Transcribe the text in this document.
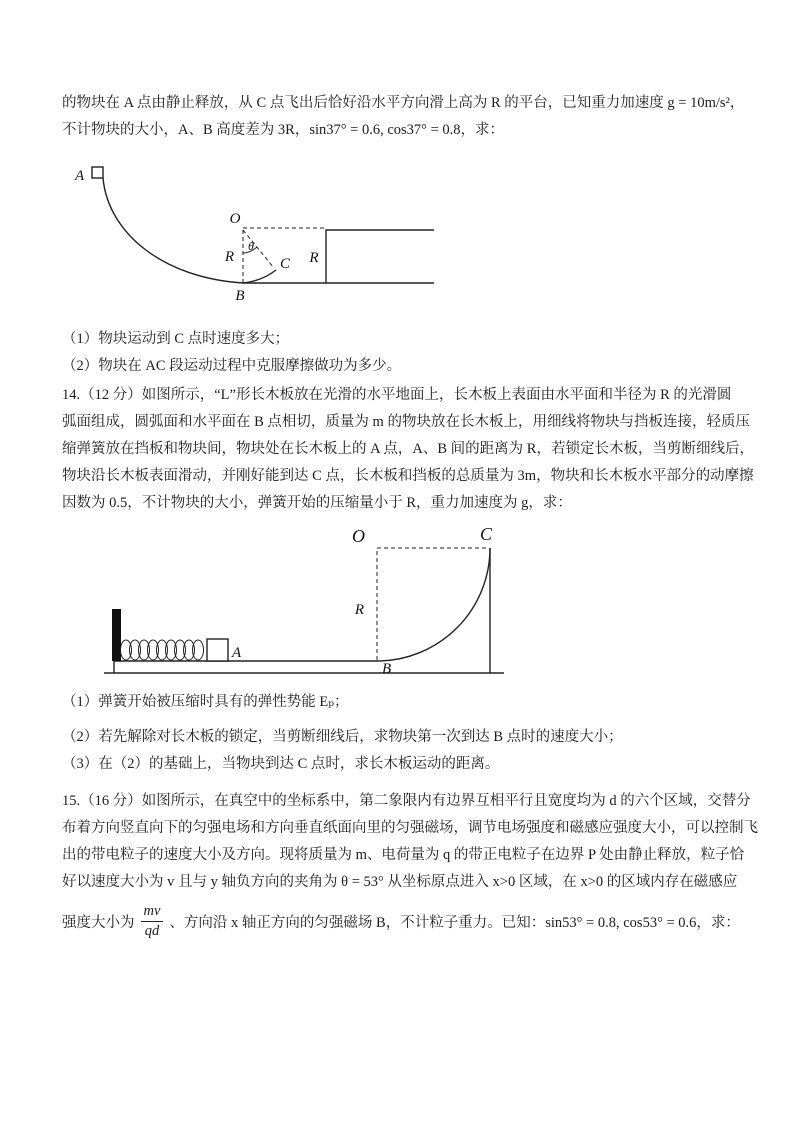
的物块在 A 点由静止释放，从 C 点飞出后恰好沿水平方向滑上高为 R 的平台，已知重力加速度 g = 10m/s²，
不计物块的大小，A、B 高度差为 3R，sin37° = 0.6, cos37° = 0.8，求：
A
O
θ
R	C R
B
（1）物块运动到 C 点时速度多大；
（2）物块在 AC 段运动过程中克服摩擦做功为多少。
14.（12 分）如图所示，“L”形长木板放在光滑的水平地面上，长木板上表面由水平面和半径为 R 的光滑圆
弧面组成，圆弧面和水平面在 B 点相切，质量为 m 的物块放在长木板上，用细线将物块与挡板连接，轻质压
缩弹簧放在挡板和物块间，物块处在长木板上的 A 点，A、B 间的距离为 R，若锁定长木板，当剪断细线后，
物块沿长木板表面滑动，并刚好能到达 C 点，长木板和挡板的总质量为 3m，物块和长木板水平部分的动摩擦
因数为 0.5，不计物块的大小，弹簧开始的压缩量小于 R，重力加速度为 g，求：
O	C
R
A
B
（1）弹簧开始被压缩时具有的弹性势能 Eₚ；
（2）若先解除对长木板的锁定，当剪断细线后，求物块第一次到达 B 点时的速度大小；
（3）在（2）的基础上，当物块到达 C 点时，求长木板运动的距离。
15.（16 分）如图所示，在真空中的坐标系中，第二象限内有边界互相平行且宽度均为 d 的六个区域，交替分
布着方向竖直向下的匀强电场和方向垂直纸面向里的匀强磁场，调节电场强度和磁感应强度大小，可以控制飞
出的带电粒子的速度大小及方向。现将质量为 m、电荷量为 q 的带正电粒子在边界 P 处由静止释放，粒子恰
好以速度大小为 v 且与 y 轴负方向的夹角为 θ = 53° 从坐标原点进入 x>0 区域，在 x>0 的区域内存在磁感应
强度大小为 $\frac{mv}{qd}$ 、方向沿 x 轴正方向的匀强磁场 B，不计粒子重力。已知：sin53° = 0.8, cos53° = 0.6，求：
